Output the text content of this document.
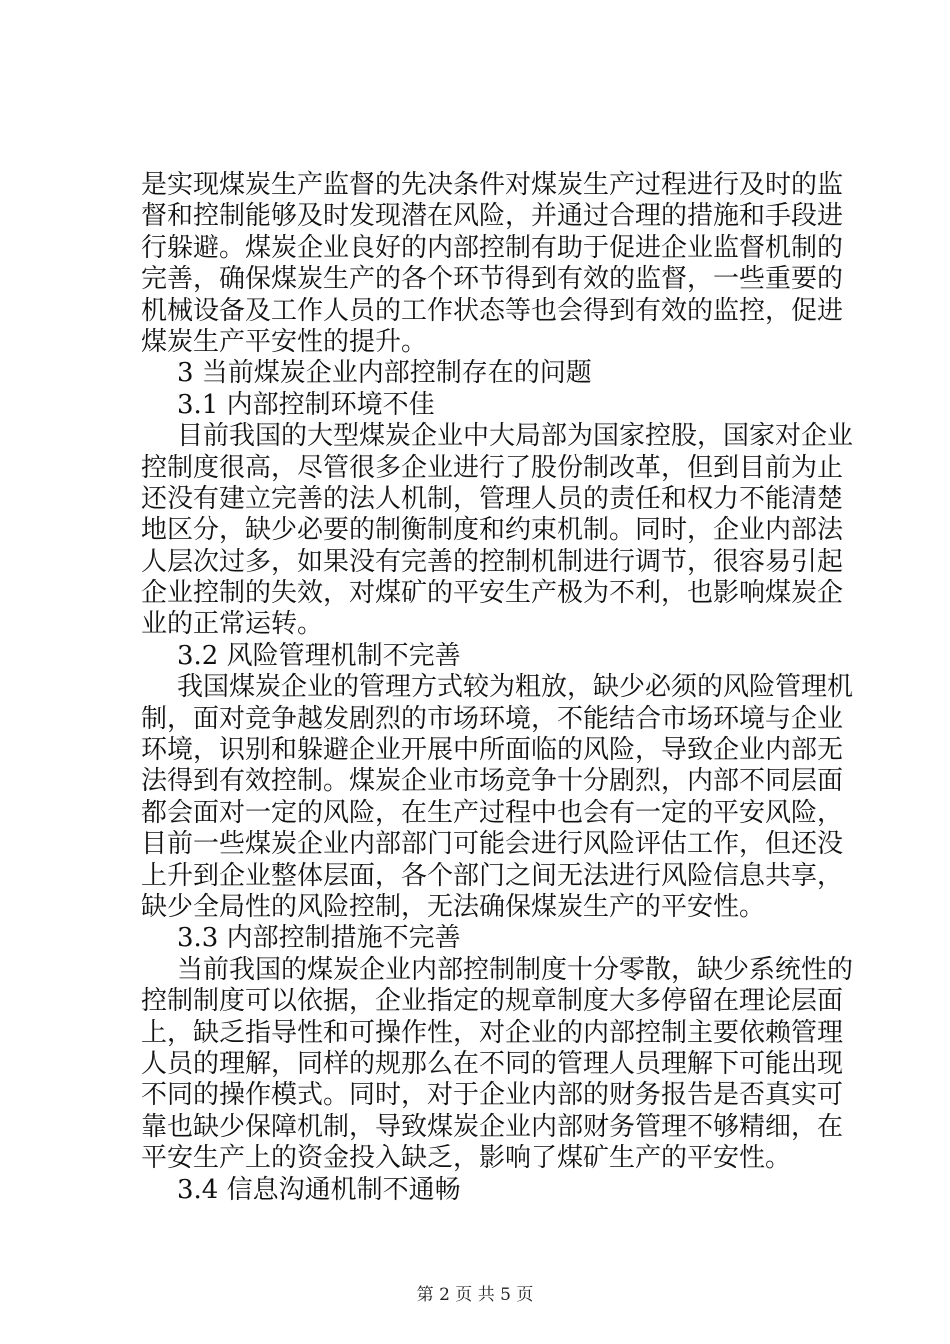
是实现煤炭生产监督的先决条件对煤炭生产过程进行及时的监
督和控制能够及时发现潜在风险，并通过合理的措施和手段进
行躲避。煤炭企业良好的内部控制有助于促进企业监督机制的
完善，确保煤炭生产的各个环节得到有效的监督，一些重要的
机械设备及工作人员的工作状态等也会得到有效的监控，促进
煤炭生产平安性的提升。
3 当前煤炭企业内部控制存在的问题
3.1 内部控制环境不佳
目前我国的大型煤炭企业中大局部为国家控股，国家对企业
控制度很高，尽管很多企业进行了股份制改革，但到目前为止
还没有建立完善的法人机制，管理人员的责任和权力不能清楚
地区分，缺少必要的制衡制度和约束机制。同时，企业内部法
人层次过多，如果没有完善的控制机制进行调节，很容易引起
企业控制的失效，对煤矿的平安生产极为不利，也影响煤炭企
业的正常运转。
3.2 风险管理机制不完善
我国煤炭企业的管理方式较为粗放，缺少必须的风险管理机
制，面对竞争越发剧烈的市场环境，不能结合市场环境与企业
环境，识别和躲避企业开展中所面临的风险，导致企业内部无
法得到有效控制。煤炭企业市场竞争十分剧烈，内部不同层面
都会面对一定的风险，在生产过程中也会有一定的平安风险，
目前一些煤炭企业内部部门可能会进行风险评估工作，但还没
上升到企业整体层面，各个部门之间无法进行风险信息共享，
缺少全局性的风险控制，无法确保煤炭生产的平安性。
3.3 内部控制措施不完善
当前我国的煤炭企业内部控制制度十分零散，缺少系统性的
控制制度可以依据，企业指定的规章制度大多停留在理论层面
上，缺乏指导性和可操作性，对企业的内部控制主要依赖管理
人员的理解，同样的规那么在不同的管理人员理解下可能出现
不同的操作模式。同时，对于企业内部的财务报告是否真实可
靠也缺少保障机制，导致煤炭企业内部财务管理不够精细，在
平安生产上的资金投入缺乏，影响了煤矿生产的平安性。
3.4 信息沟通机制不通畅
第 2 页 共 5 页
